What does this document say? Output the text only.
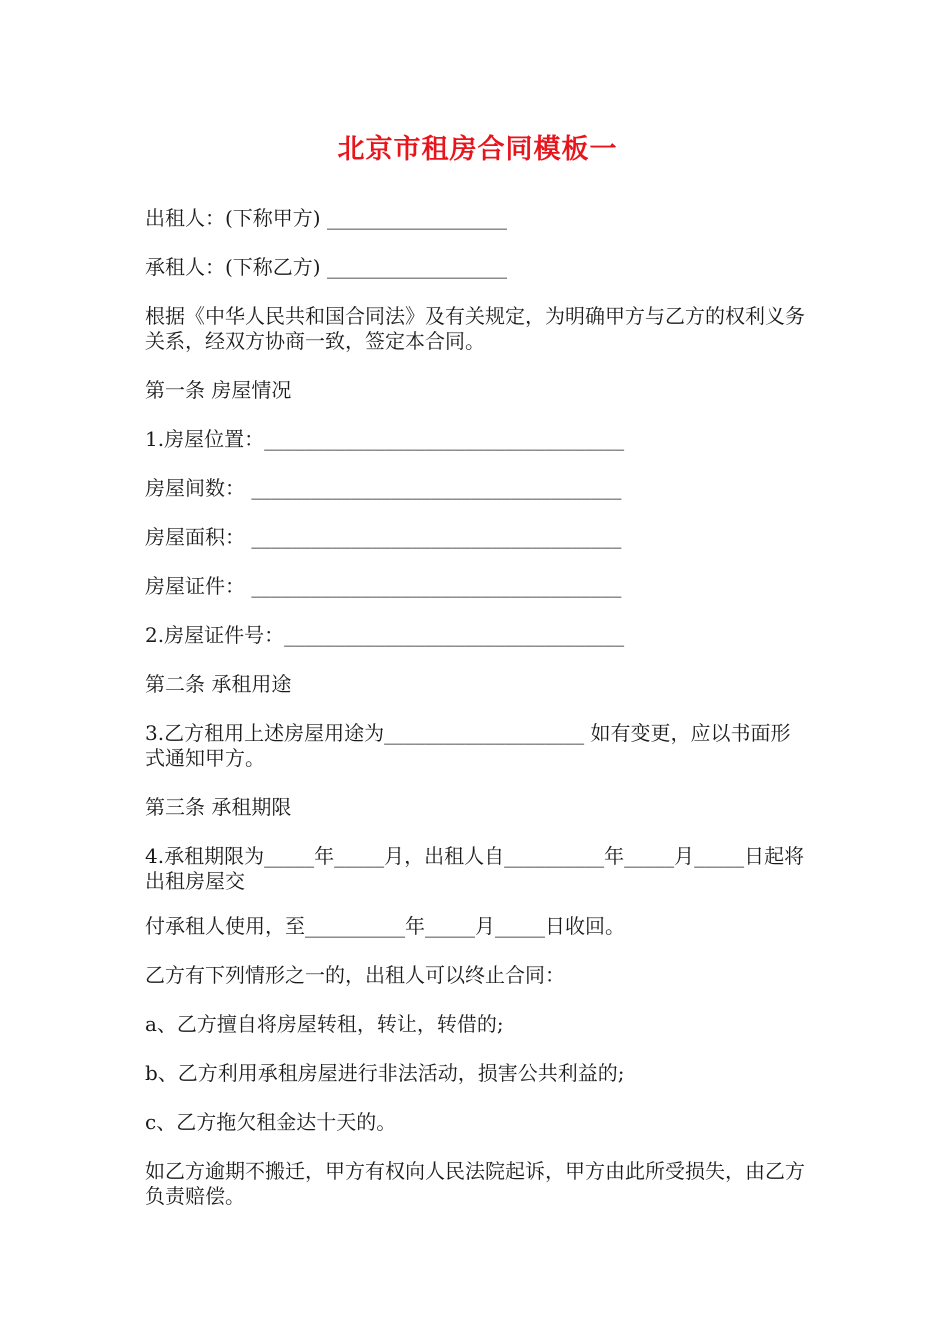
北京市租房合同模板一
出租人：(下称甲方) __________________
承租人：(下称乙方) __________________
根据《中华人民共和国合同法》及有关规定，为明确甲方与乙方的权利义务关系，经双方协商一致，签定本合同。
第一条 房屋情况
1.房屋位置：____________________________________
房屋间数： _____________________________________
房屋面积： _____________________________________
房屋证件： _____________________________________
2.房屋证件号：__________________________________
第二条 承租用途
3.乙方租用上述房屋用途为____________________ 如有变更，应以书面形式通知甲方。
第三条 承租期限
4.承租期限为_____年_____月，出租人自__________年_____月_____日起将出租房屋交
付承租人使用，至__________年_____月_____日收回。
乙方有下列情形之一的，出租人可以终止合同：
a、乙方擅自将房屋转租，转让，转借的;
b、乙方利用承租房屋进行非法活动，损害公共利益的;
c、乙方拖欠租金达十天的。
如乙方逾期不搬迁，甲方有权向人民法院起诉，甲方由此所受损失，由乙方负责赔偿。
